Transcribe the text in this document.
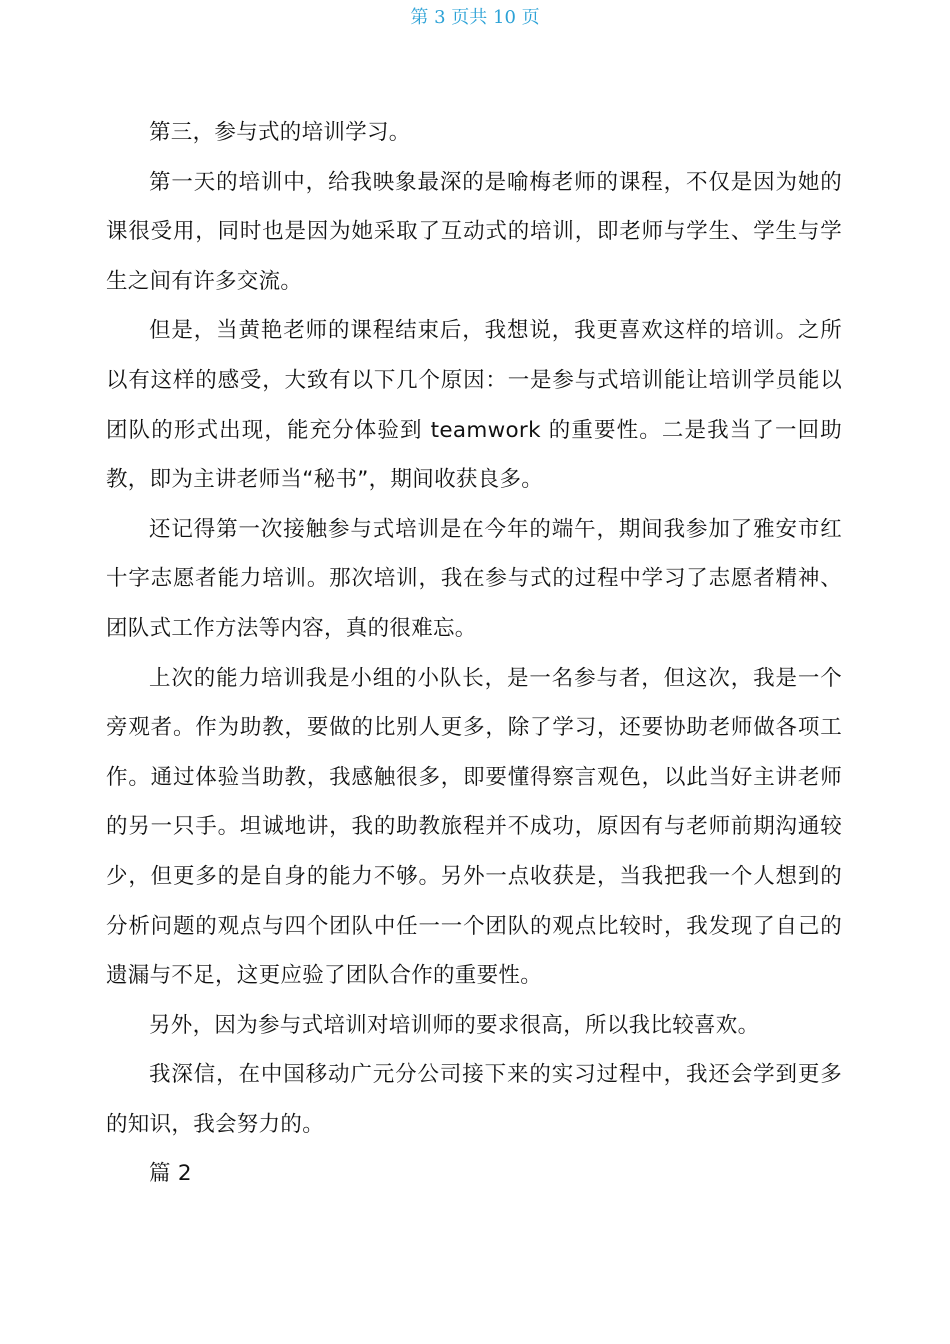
第 3 页共 10 页

第三，参与式的培训学习。

第一天的培训中，给我映象最深的是喻梅老师的课程，不仅是因为她的课很受用，同时也是因为她采取了互动式的培训，即老师与学生、学生与学生之间有许多交流。

但是，当黄艳老师的课程结束后，我想说，我更喜欢这样的培训。之所以有这样的感受，大致有以下几个原因：一是参与式培训能让培训学员能以团队的形式出现，能充分体验到 teamwork 的重要性。二是我当了一回助教，即为主讲老师当“秘书”，期间收获良多。

还记得第一次接触参与式培训是在今年的端午，期间我参加了雅安市红十字志愿者能力培训。那次培训，我在参与式的过程中学习了志愿者精神、团队式工作方法等内容，真的很难忘。

上次的能力培训我是小组的小队长，是一名参与者，但这次，我是一个旁观者。作为助教，要做的比别人更多，除了学习，还要协助老师做各项工作。通过体验当助教，我感触很多，即要懂得察言观色，以此当好主讲老师的另一只手。坦诚地讲，我的助教旅程并不成功，原因有与老师前期沟通较少，但更多的是自身的能力不够。另外一点收获是，当我把我一个人想到的分析问题的观点与四个团队中任一一个团队的观点比较时，我发现了自己的遗漏与不足，这更应验了团队合作的重要性。

另外，因为参与式培训对培训师的要求很高，所以我比较喜欢。

我深信，在中国移动广元分公司接下来的实习过程中，我还会学到更多的知识，我会努力的。

篇 2
